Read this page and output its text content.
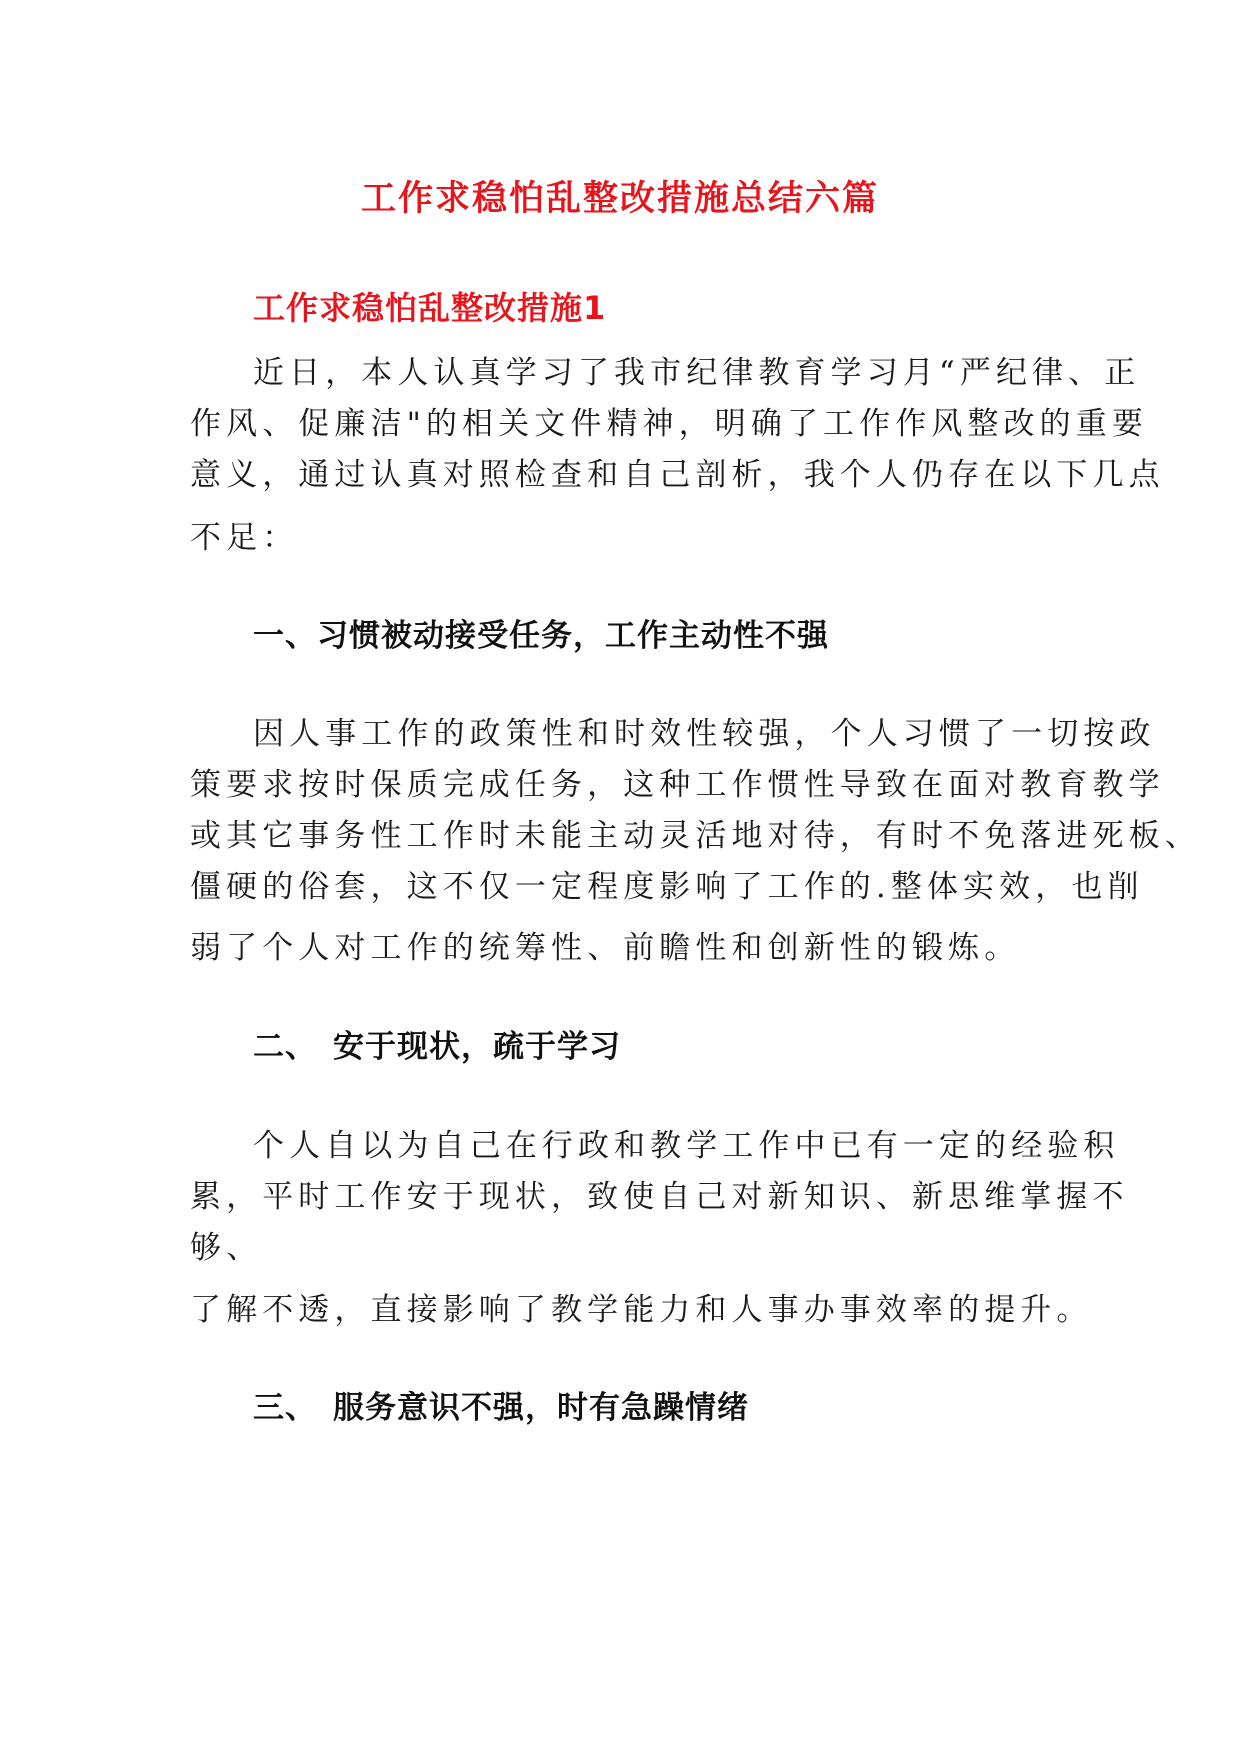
工作求稳怕乱整改措施总结六篇
工作求稳怕乱整改措施1
近日，本人认真学习了我市纪律教育学习月“严纪律、正
作风、促廉洁"的相关文件精神，明确了工作作风整改的重要
意义，通过认真对照检查和自己剖析，我个人仍存在以下几点
不足：
一、习惯被动接受任务，工作主动性不强
因人事工作的政策性和时效性较强，个人习惯了一切按政
策要求按时保质完成任务，这种工作惯性导致在面对教育教学
或其它事务性工作时未能主动灵活地对待，有时不免落进死板、
僵硬的俗套，这不仅一定程度影响了工作的.整体实效，也削
弱了个人对工作的统筹性、前瞻性和创新性的锻炼。
二、 安于现状，疏于学习
个人自以为自己在行政和教学工作中已有一定的经验积
累，平时工作安于现状，致使自己对新知识、新思维掌握不
够、
了解不透，直接影响了教学能力和人事办事效率的提升。
三、 服务意识不强，时有急躁情绪
